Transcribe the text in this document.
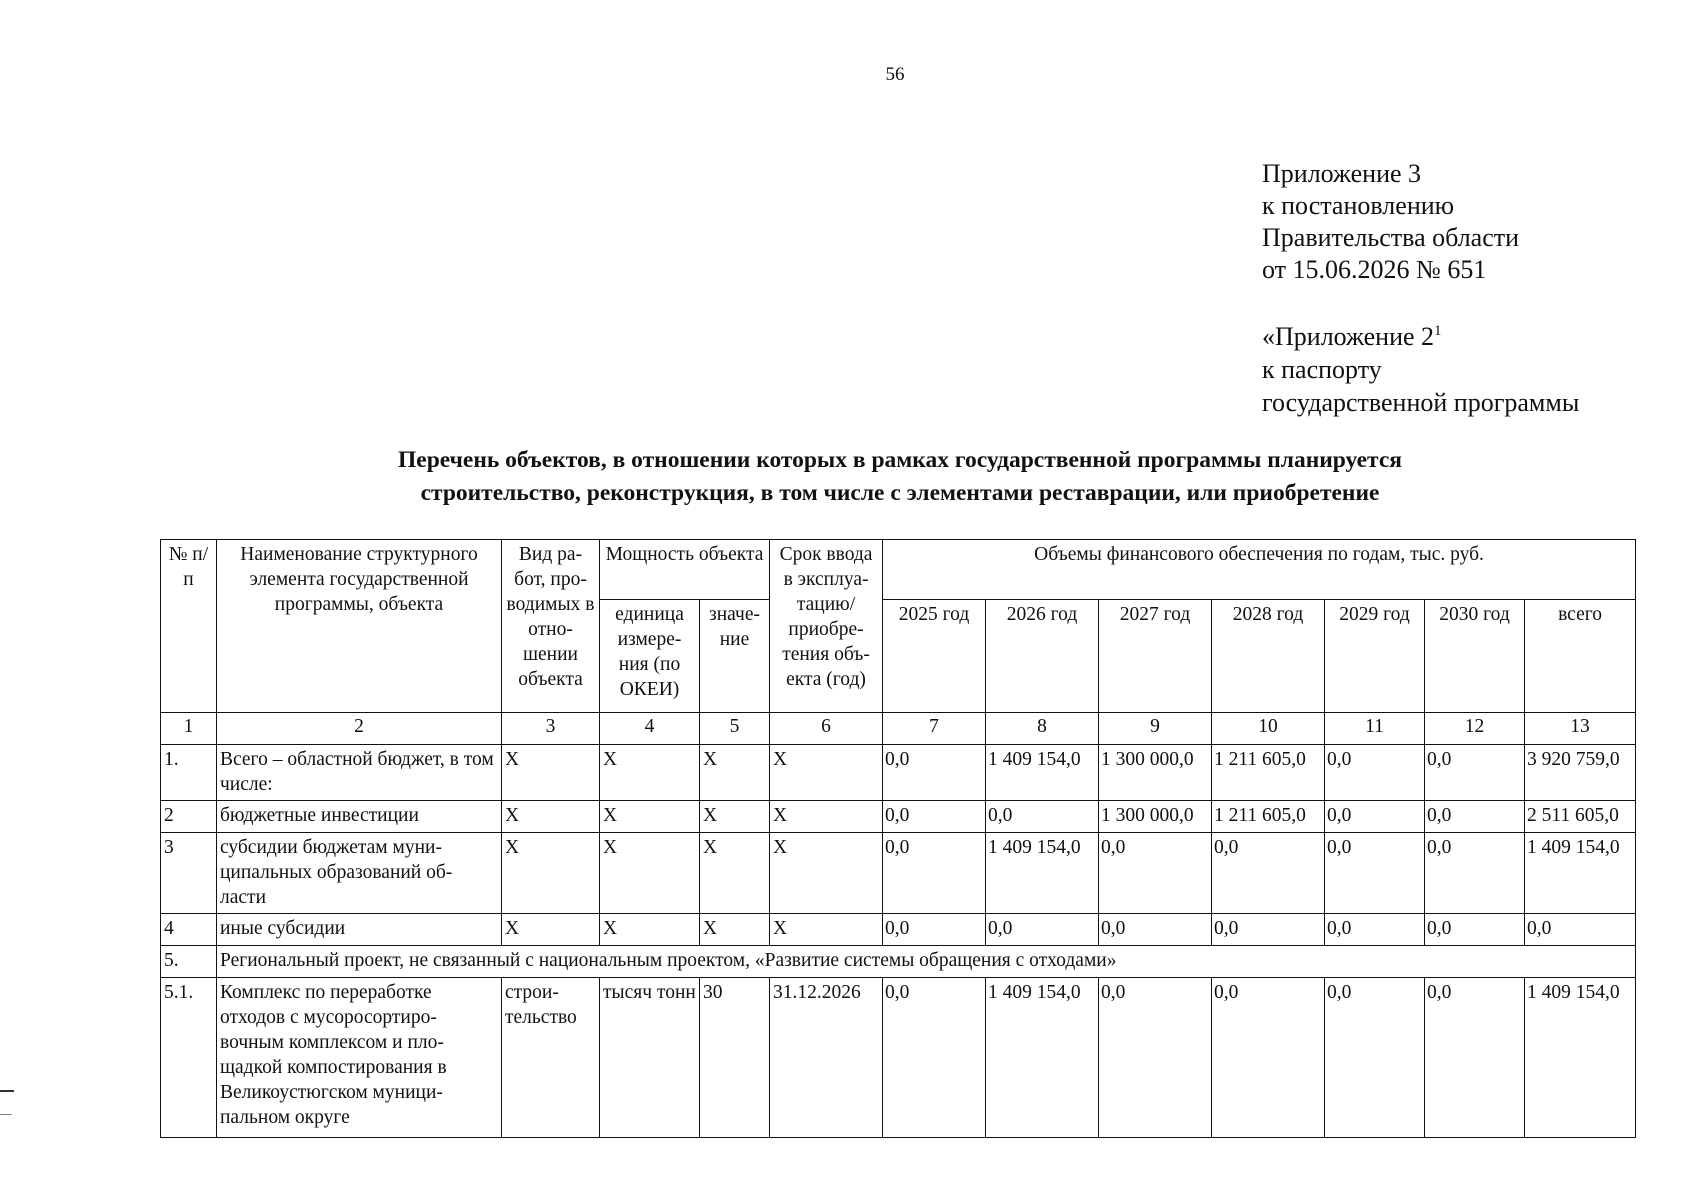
56
Приложение 3
к постановлению
Правительства области
от 15.06.2026 № 651
«Приложение $2^1$
к паспорту
государственной программы
Перечень объектов, в отношении которых в рамках государственной программы планируется
строительство, реконструкция, в том числе с элементами реставрации, или приобретение
№ п/п	Наименование структурного элемента государственной программы, объекта	Вид ра-бот, про-водимых в отно-шении объекта	Мощность объекта		Срок ввода в эксплуа-тацию/ приобре-тения объ-екта (год)	Объемы финансового обеспечения по годам, тыс. руб.						
			единица измере-ния (по ОКЕИ)	значе-ние		2025 год	2026 год	2027 год	2028 год	2029 год	2030 год	всего
1	2	3	4	5	6	7	8	9	10	11	12	13
1.	Всего – областной бюджет, в том числе:	X	X	X	X	0,0	1 409 154,0	1 300 000,0	1 211 605,0	0,0	0,0	3 920 759,0
2	бюджетные инвестиции	X	X	X	X	0,0	0,0	1 300 000,0	1 211 605,0	0,0	0,0	2 511 605,0
3	субсидии бюджетам муни-ципальных образований об-ласти	X	X	X	X	0,0	1 409 154,0	0,0	0,0	0,0	0,0	1 409 154,0
4	иные субсидии	X	X	X	X	0,0	0,0	0,0	0,0	0,0	0,0	0,0
5.	Региональный проект, не связанный с национальным проектом, «Развитие системы обращения с отходами»											
5.1.	Комплекс по переработке отходов с мусоросортиро-вочным комплексом и пло-щадкой компостирования в Великоустюгском муници-пальном округе	строи-тельство	тысяч тонн	30	31.12.2026	0,0	1 409 154,0	0,0	0,0	0,0	0,0	1 409 154,0
